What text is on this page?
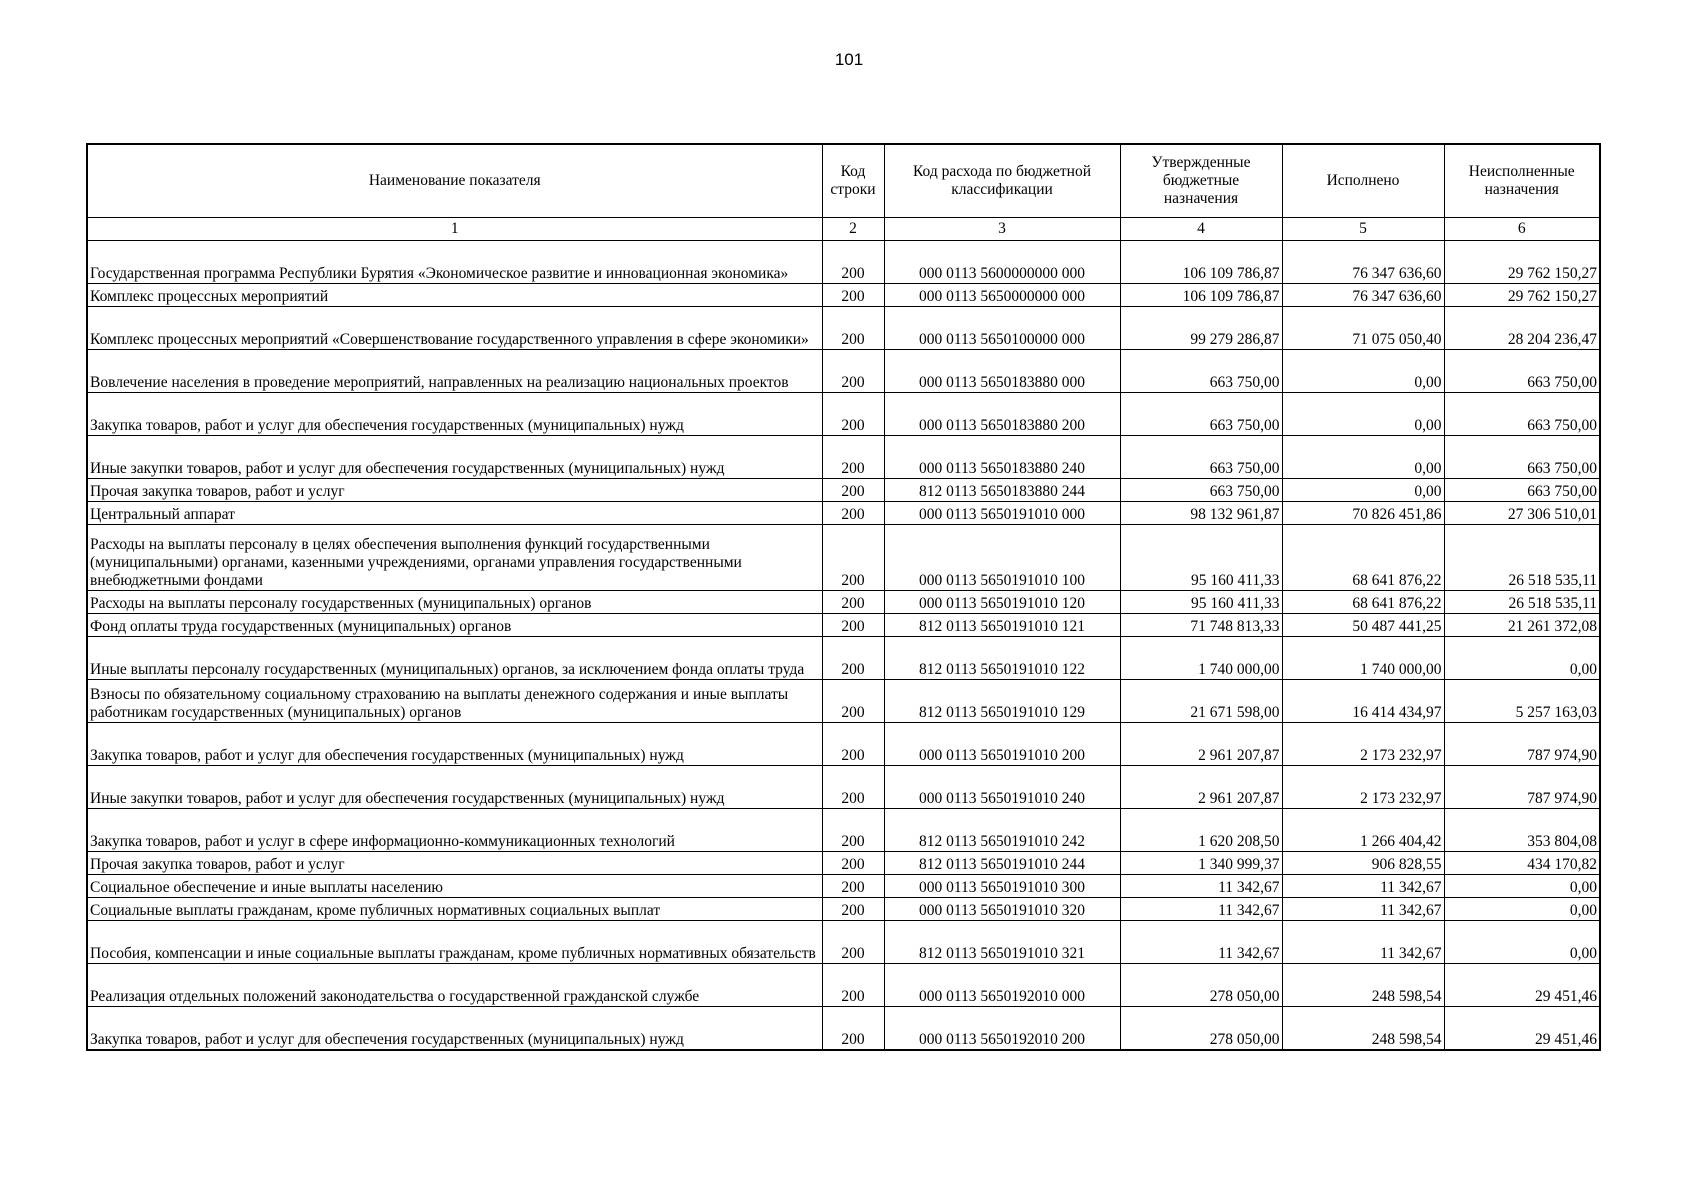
101
Наименование показателя	Код строки	Код расхода по бюджетной классификации	Утвержденные бюджетные назначения	Исполнено	Неисполненные назначения
1	2	3	4	5	6
Государственная программа Республики Бурятия «Экономическое развитие и инновационная экономика»	200	000 0113 5600000000 000	106 109 786,87	76 347 636,60	29 762 150,27
Комплекс процессных мероприятий	200	000 0113 5650000000 000	106 109 786,87	76 347 636,60	29 762 150,27
Комплекс процессных мероприятий «Совершенствование государственного управления в сфере экономики»	200	000 0113 5650100000 000	99 279 286,87	71 075 050,40	28 204 236,47
Вовлечение населения в проведение мероприятий, направленных на реализацию национальных проектов	200	000 0113 5650183880 000	663 750,00	0,00	663 750,00
Закупка товаров, работ и услуг для обеспечения государственных (муниципальных) нужд	200	000 0113 5650183880 200	663 750,00	0,00	663 750,00
Иные закупки товаров, работ и услуг для обеспечения государственных (муниципальных) нужд	200	000 0113 5650183880 240	663 750,00	0,00	663 750,00
Прочая закупка товаров, работ и услуг	200	812 0113 5650183880 244	663 750,00	0,00	663 750,00
Центральный аппарат	200	000 0113 5650191010 000	98 132 961,87	70 826 451,86	27 306 510,01
Расходы на выплаты персоналу в целях обеспечения выполнения функций государственными (муниципальными) органами, казенными учреждениями, органами управления государственными внебюджетными фондами	200	000 0113 5650191010 100	95 160 411,33	68 641 876,22	26 518 535,11
Расходы на выплаты персоналу государственных (муниципальных) органов	200	000 0113 5650191010 120	95 160 411,33	68 641 876,22	26 518 535,11
Фонд оплаты труда государственных (муниципальных) органов	200	812 0113 5650191010 121	71 748 813,33	50 487 441,25	21 261 372,08
Иные выплаты персоналу государственных (муниципальных) органов, за исключением фонда оплаты труда	200	812 0113 5650191010 122	1 740 000,00	1 740 000,00	0,00
Взносы по обязательному социальному страхованию на выплаты денежного содержания и иные выплаты работникам государственных (муниципальных) органов	200	812 0113 5650191010 129	21 671 598,00	16 414 434,97	5 257 163,03
Закупка товаров, работ и услуг для обеспечения государственных (муниципальных) нужд	200	000 0113 5650191010 200	2 961 207,87	2 173 232,97	787 974,90
Иные закупки товаров, работ и услуг для обеспечения государственных (муниципальных) нужд	200	000 0113 5650191010 240	2 961 207,87	2 173 232,97	787 974,90
Закупка товаров, работ и услуг в сфере информационно-коммуникационных технологий	200	812 0113 5650191010 242	1 620 208,50	1 266 404,42	353 804,08
Прочая закупка товаров, работ и услуг	200	812 0113 5650191010 244	1 340 999,37	906 828,55	434 170,82
Социальное обеспечение и иные выплаты населению	200	000 0113 5650191010 300	11 342,67	11 342,67	0,00
Социальные выплаты гражданам, кроме публичных нормативных социальных выплат	200	000 0113 5650191010 320	11 342,67	11 342,67	0,00
Пособия, компенсации и иные социальные выплаты гражданам, кроме публичных нормативных обязательств	200	812 0113 5650191010 321	11 342,67	11 342,67	0,00
Реализация отдельных положений законодательства о государственной гражданской службе	200	000 0113 5650192010 000	278 050,00	248 598,54	29 451,46
Закупка товаров, работ и услуг для обеспечения государственных (муниципальных) нужд	200	000 0113 5650192010 200	278 050,00	248 598,54	29 451,46
